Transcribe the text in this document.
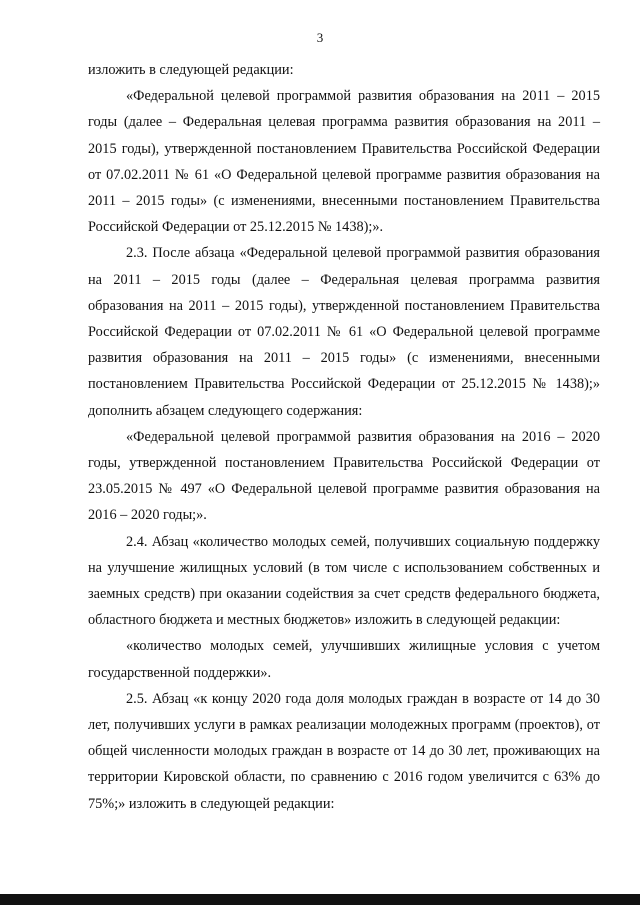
3

изложить в следующей редакции:

«Федеральной целевой программой развития образования на 2011 – 2015 годы (далее – Федеральная целевая программа развития образования на 2011 – 2015 годы), утвержденной постановлением Правительства Российской Федерации от 07.02.2011 № 61 «О Федеральной целевой программе развития образования на 2011 – 2015 годы» (с изменениями, внесенными постановлением Правительства Российской Федерации от 25.12.2015 № 1438);».

2.3. После абзаца «Федеральной целевой программой развития образования на 2011 – 2015 годы (далее – Федеральная целевая программа развития образования на 2011 – 2015 годы), утвержденной постановлением Правительства Российской Федерации от 07.02.2011 № 61 «О Федеральной целевой программе развития образования на 2011 – 2015 годы» (с изменениями, внесенными постановлением Правительства Российской Федерации от 25.12.2015 № 1438);» дополнить абзацем следующего содержания:

«Федеральной целевой программой развития образования на 2016 – 2020 годы, утвержденной постановлением Правительства Российской Федерации от 23.05.2015 № 497 «О Федеральной целевой программе развития образования на 2016 – 2020 годы;».

2.4. Абзац «количество молодых семей, получивших социальную поддержку на улучшение жилищных условий (в том числе с использованием собственных и заемных средств) при оказании содействия за счет средств федерального бюджета, областного бюджета и местных бюджетов» изложить в следующей редакции:

«количество молодых семей, улучшивших жилищные условия с учетом государственной поддержки».

2.5. Абзац «к концу 2020 года доля молодых граждан в возрасте от 14 до 30 лет, получивших услуги в рамках реализации молодежных программ (проектов), от общей численности молодых граждан в возрасте от 14 до 30 лет, проживающих на территории Кировской области, по сравнению с 2016 годом увеличится с 63% до 75%;» изложить в следующей редакции:
